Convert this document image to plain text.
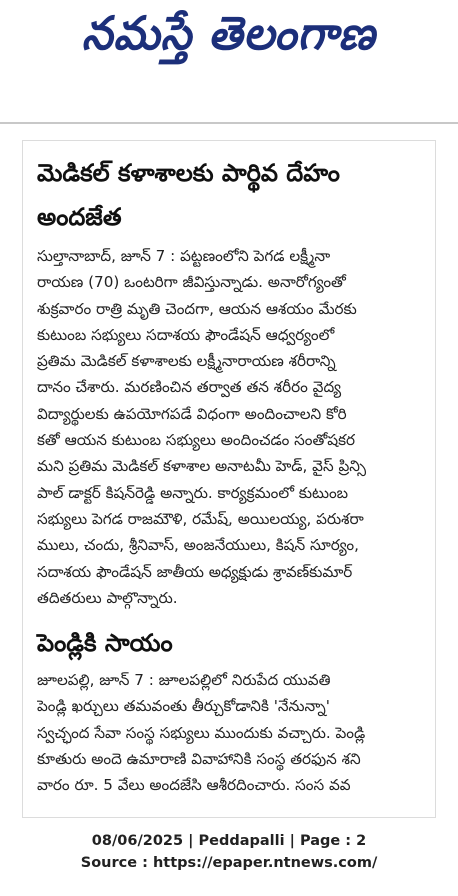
నమస్తే తెలంగాణ
మెడికల్ కళాశాలకు పార్థివ దేహం
అందజేత
సుల్తానాబాద్, జూన్ 7 : పట్టణంలోని పెగడ లక్ష్మీనా
రాయణ (70) ఒంటరిగా జీవిస్తున్నాడు. అనారోగ్యంతో
శుక్రవారం రాత్రి మృతి చెందగా, ఆయన ఆశయం మేరకు
కుటుంబ సభ్యులు సదాశయ ఫౌండేషన్ ఆధ్వర్యంలో
ప్రతిమ మెడికల్ కళాశాలకు లక్ష్మీనారాయణ శరీరాన్ని
దానం చేశారు. మరణించిన తర్వాత తన శరీరం వైద్య
విద్యార్థులకు ఉపయోగపడే విధంగా అందించాలని కోరి
కతో ఆయన కుటుంబ సభ్యులు అందించడం సంతోషకర
మని ప్రతిమ మెడికల్ కళాశాల అనాటమీ హెడ్, వైస్ ప్రిన్సి
పాల్ డాక్టర్ కిషన్‌రెడ్డి అన్నారు. కార్యక్రమంలో కుటుంబ
సభ్యులు పెగడ రాజమౌళి, రమేష్, అయిలయ్య, పరుశరా
ములు, చందు, శ్రీనివాస్, అంజనేయులు, కిషన్ సూర్యం,
సదాశయ ఫౌండేషన్ జాతీయ అధ్యక్షుడు శ్రావణ్‌కుమార్
తదితరులు పాల్గొన్నారు.
పెండ్లికి సాయం
జూలపల్లి, జూన్ 7 : జూలపల్లిలో నిరుపేద యువతి
పెండ్లి ఖర్చులు తమవంతు తీర్చుకోడానికి 'నేనున్నా'
స్వచ్ఛంద సేవా సంస్థ సభ్యులు ముందుకు వచ్చారు. పెండ్లి
కూతురు అందె ఉమారాణి వివాహానికి సంస్థ తరఫున శని
వారం రూ. 5 వేలు అందజేసి ఆశీరదించారు. సంస వవ
08/06/2025 | Peddapalli | Page : 2
Source : https://epaper.ntnews.com/
